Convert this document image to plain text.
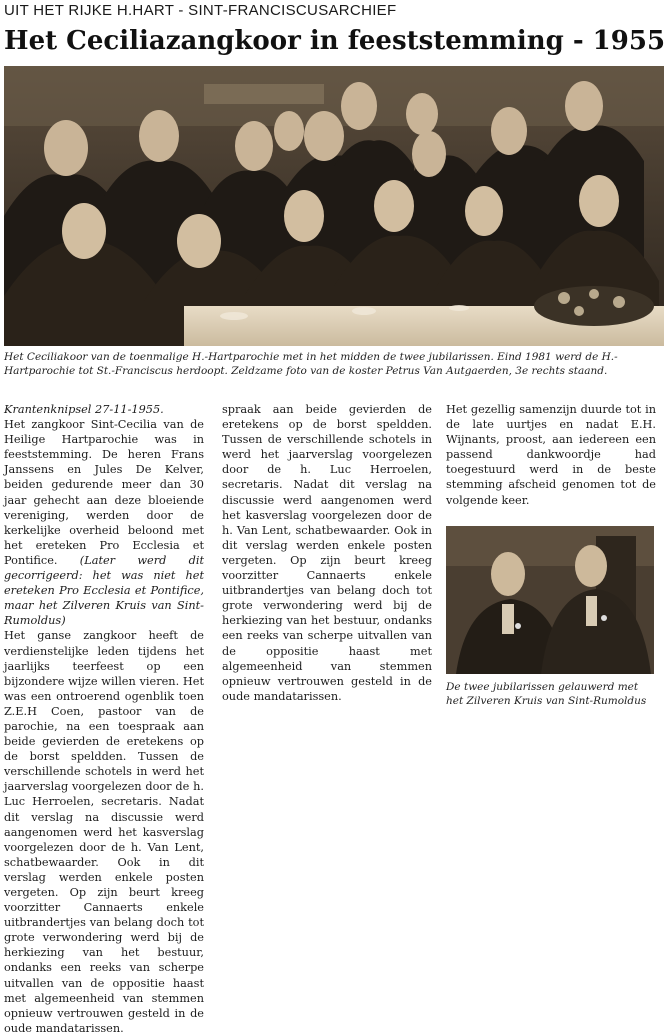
UIT HET RIJKE H.HART - SINT-FRANCISCUSARCHIEF
Het Ceciliazangkoor in feeststemming - 1955
Het Ceciliakoor van de toenmalige H.-Hartparochie met in het midden de twee jubilarissen. Eind 1981 werd de H.-Hartparochie tot St.-Franciscus herdoopt. Zeldzame foto van de koster Petrus Van Autgaerden, 3e rechts staand.

Krantenknipsel 27-11-1955.

Het zangkoor Sint-Cecilia van de Heilige Hartparochie was in feeststemming. De heren Frans Janssens en Jules De Kelver, beiden gedurende meer dan 30 jaar gehecht aan deze bloeiende vereniging, werden door de kerkelijke overheid beloond met het ereteken Pro Ecclesia et Pontifice. (Later werd dit gecorrigeerd: het was niet het ereteken Pro Ecclesia et Pontifice, maar het Zilveren Kruis van Sint-Rumoldus)

Het ganse zangkoor heeft de verdienstelijke leden tijdens het jaarlijks teerfeest op een bijzondere wijze willen vieren. Het was een ontroerend ogenblik toen Z.E.H Coen, pastoor van de parochie, na een toespraak aan beide gevierden de eretekens op de borst speldden. Tussen de verschillende schotels in werd het jaarverslag voorgelezen door de h. Luc Herroelen, secretaris. Nadat dit verslag na discussie werd aangenomen werd het kasverslag voorgelezen door de h. Van Lent, schatbewaarder. Ook in dit verslag werden enkele posten vergeten. Op zijn beurt kreeg voorzitter Cannaerts enkele uitbrandertjes van belang doch tot grote verwondering werd bij de herkiezing van het bestuur, ondanks een reeks van scherpe uitvallen van de oppositie haast met algemeenheid van stemmen opnieuw vertrouwen gesteld in de oude mandatarissen.

spraak aan beide gevierden de eretekens op de borst speldden. Tussen de verschillende schotels in werd het jaarverslag voorgelezen door de h. Luc Herroelen, secretaris. Nadat dit verslag na discussie werd aangenomen werd het kasverslag voorgelezen door de h. Van Lent, schatbewaarder. Ook in dit verslag werden enkele posten vergeten. Op zijn beurt kreeg voorzitter Cannaerts enkele uitbrandertjes van belang doch tot grote verwondering werd bij de herkiezing van het bestuur, ondanks een reeks van scherpe uitvallen van de oppositie haast met algemeenheid van stemmen opnieuw vertrouwen gesteld in de oude mandatarissen.

Het gezellig samenzijn duurde tot in de late uurtjes en nadat E.H. Wijnants, proost, aan iedereen een passend dankwoordje had toegestuurd werd in de beste stemming afscheid genomen tot de volgende keer.

De twee jubilarissen gelauwerd met het Zilveren Kruis van Sint-Rumoldus
